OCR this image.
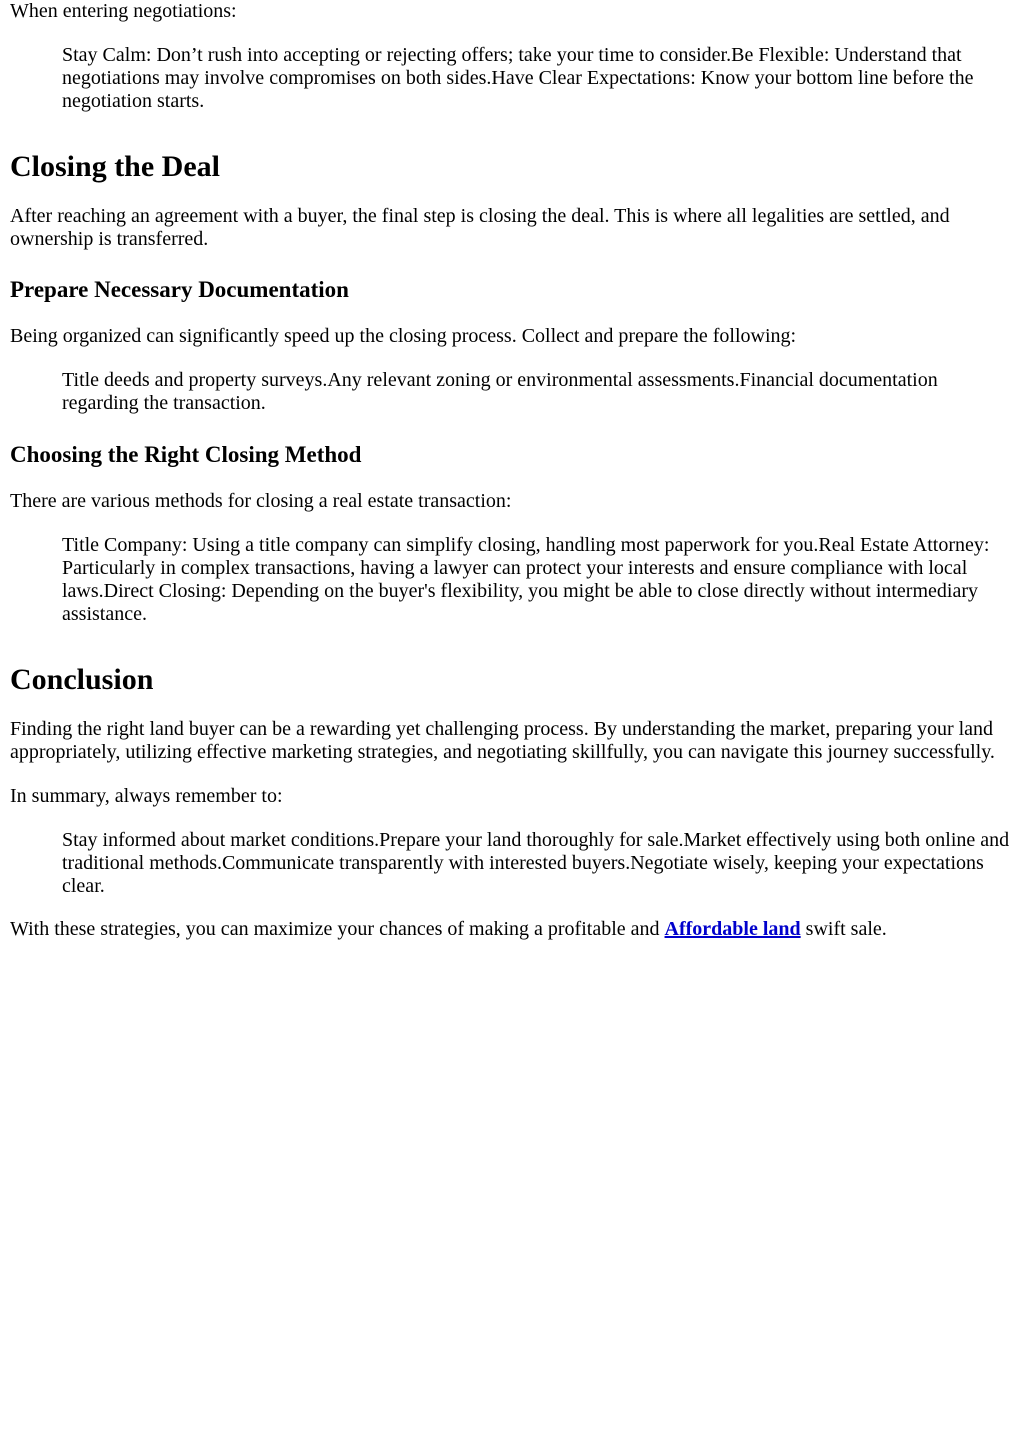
When entering negotiations:

Stay Calm: Don’t rush into accepting or rejecting offers; take your time to consider.Be Flexible: Understand that negotiations may involve compromises on both sides.Have Clear Expectations: Know your bottom line before the negotiation starts.

Closing the Deal

After reaching an agreement with a buyer, the final step is closing the deal. This is where all legalities are settled, and ownership is transferred.

Prepare Necessary Documentation

Being organized can significantly speed up the closing process. Collect and prepare the following:

Title deeds and property surveys.Any relevant zoning or environmental assessments.Financial documentation regarding the transaction.

Choosing the Right Closing Method

There are various methods for closing a real estate transaction:

Title Company: Using a title company can simplify closing, handling most paperwork for you.Real Estate Attorney: Particularly in complex transactions, having a lawyer can protect your interests and ensure compliance with local laws.Direct Closing: Depending on the buyer's flexibility, you might be able to close directly without intermediary assistance.

Conclusion

Finding the right land buyer can be a rewarding yet challenging process. By understanding the market, preparing your land appropriately, utilizing effective marketing strategies, and negotiating skillfully, you can navigate this journey successfully.

In summary, always remember to:

Stay informed about market conditions.Prepare your land thoroughly for sale.Market effectively using both online and traditional methods.Communicate transparently with interested buyers.Negotiate wisely, keeping your expectations clear.

With these strategies, you can maximize your chances of making a profitable and Affordable land swift sale.
